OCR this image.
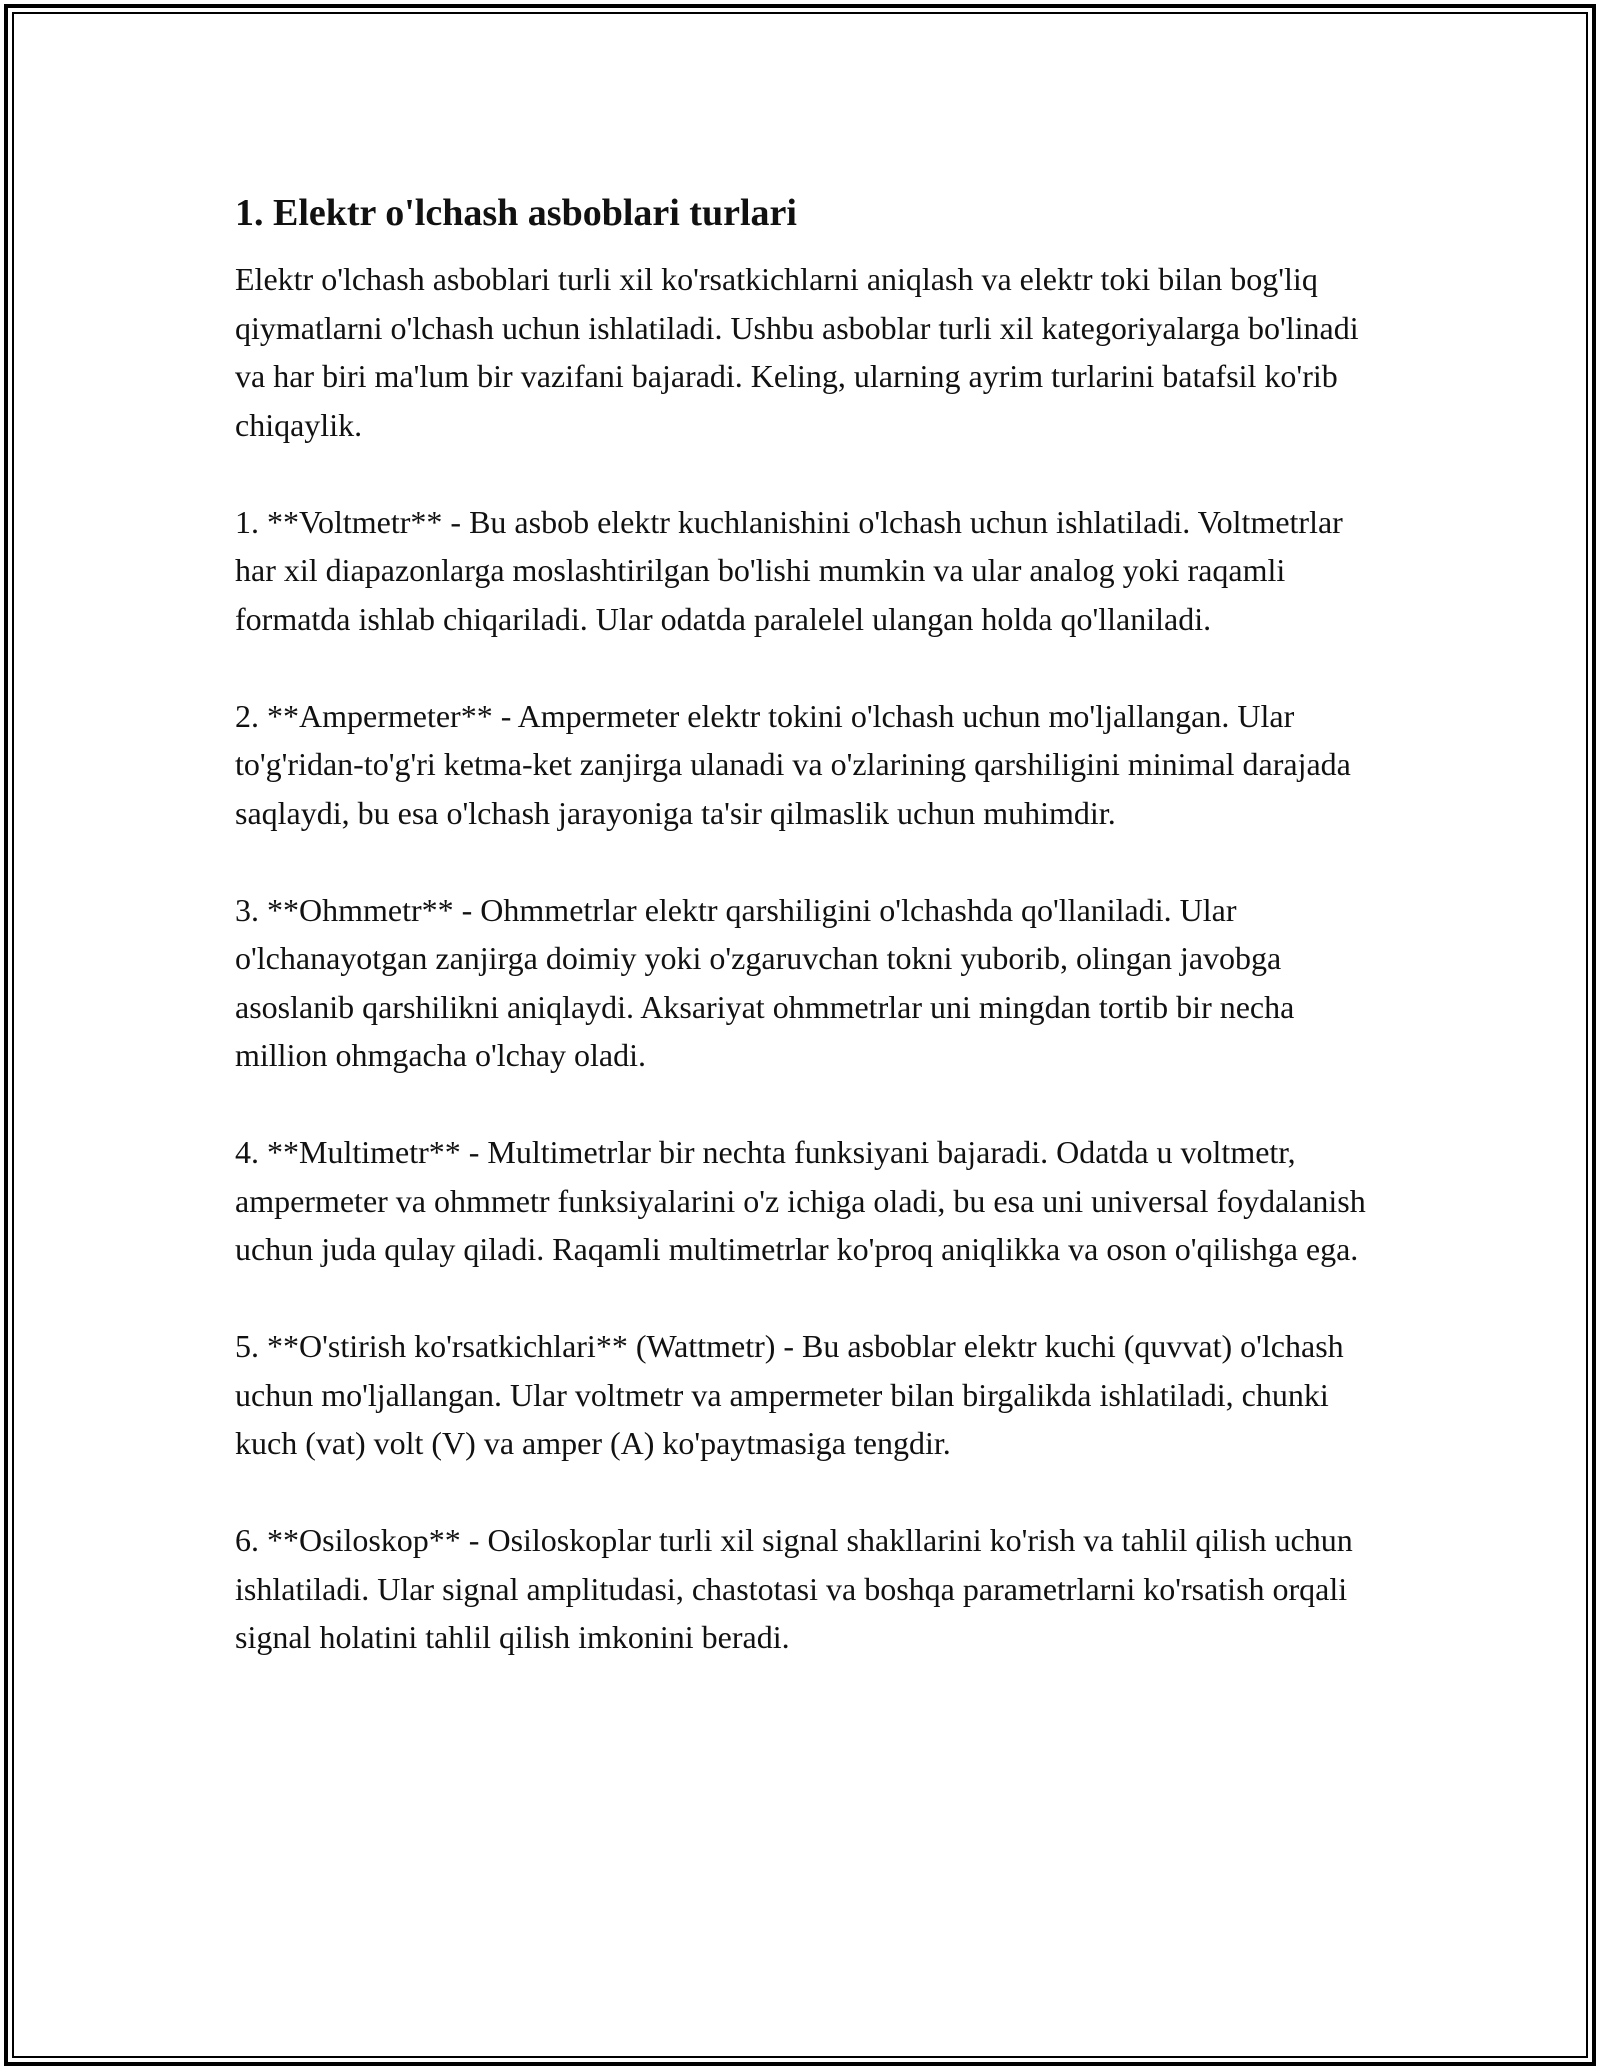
1. Elektr o'lchash asboblari turlari

Elektr o'lchash asboblari turli xil ko'rsatkichlarni aniqlash va elektr toki bilan bog'liq qiymatlarni o'lchash uchun ishlatiladi. Ushbu asboblar turli xil kategoriyalarga bo'linadi va har biri ma'lum bir vazifani bajaradi. Keling, ularning ayrim turlarini batafsil ko'rib chiqaylik.

1. **Voltmetr** - Bu asbob elektr kuchlanishini o'lchash uchun ishlatiladi. Voltmetrlar har xil diapazonlarga moslashtirilgan bo'lishi mumkin va ular analog yoki raqamli formatda ishlab chiqariladi. Ular odatda paralelel ulangan holda qo'llaniladi.

2. **Ampermeter** - Ampermeter elektr tokini o'lchash uchun mo'ljallangan. Ular to'g'ridan-to'g'ri ketma-ket zanjirga ulanadi va o'zlarining qarshiligini minimal darajada saqlaydi, bu esa o'lchash jarayoniga ta'sir qilmaslik uchun muhimdir.

3. **Ohmmetr** - Ohmmetrlar elektr qarshiligini o'lchashda qo'llaniladi. Ular o'lchanayotgan zanjirga doimiy yoki o'zgaruvchan tokni yuborib, olingan javobga asoslanib qarshilikni aniqlaydi. Aksariyat ohmmetrlar uni mingdan tortib bir necha million ohmgacha o'lchay oladi.

4. **Multimetr** - Multimetrlar bir nechta funksiyani bajaradi. Odatda u voltmetr, ampermeter va ohmmetr funksiyalarini o'z ichiga oladi, bu esa uni universal foydalanish uchun juda qulay qiladi. Raqamli multimetrlar ko'proq aniqlikka va oson o'qilishga ega.

5. **O'stirish ko'rsatkichlari** (Wattmetr) - Bu asboblar elektr kuchi (quvvat) o'lchash uchun mo'ljallangan. Ular voltmetr va ampermeter bilan birgalikda ishlatiladi, chunki kuch (vat) volt (V) va amper (A) ko'paytmasiga tengdir.

6. **Osiloskop** - Osiloskoplar turli xil signal shakllarini ko'rish va tahlil qilish uchun ishlatiladi. Ular signal amplitudasi, chastotasi va boshqa parametrlarni ko'rsatish orqali signal holatini tahlil qilish imkonini beradi.
